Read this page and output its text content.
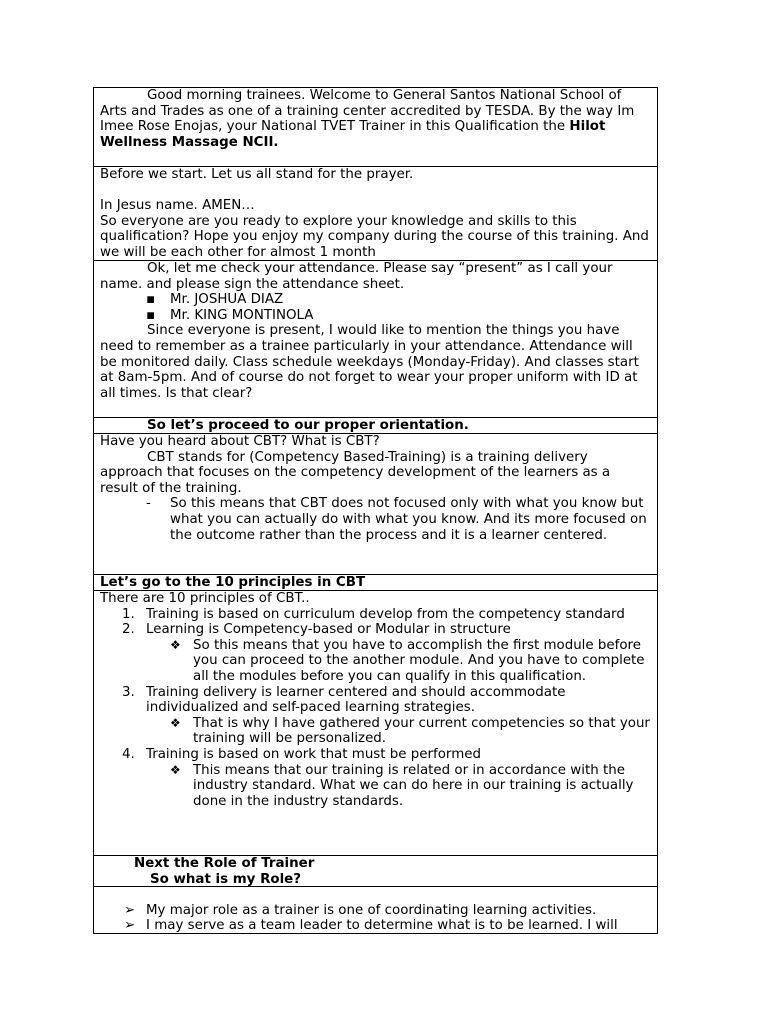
Good morning trainees. Welcome to General Santos National School of Arts and Trades as one of a training center accredited by TESDA. By the way Im Imee Rose Enojas, your National TVET Trainer in this Qualification the Hilot Wellness Massage NCII.

Before we start. Let us all stand for the prayer.

In Jesus name. AMEN…

So everyone are you ready to explore your knowledge and skills to this qualification? Hope you enjoy my company during the course of this training. And we will be each other for almost 1 month

Ok, let me check your attendance. Please say “present” as I call your name. and please sign the attendance sheet.

▪ Mr. JOSHUA DIAZ

▪ Mr. KING MONTINOLA

Since everyone is present, I would like to mention the things you have need to remember as a trainee particularly in your attendance. Attendance will be monitored daily. Class schedule weekdays (Monday-Friday). And classes start at 8am-5pm. And of course do not forget to wear your proper uniform with ID at all times. Is that clear?

So let’s proceed to our proper orientation.

Have you heard about CBT? What is CBT?

CBT stands for (Competency Based-Training) is a training delivery approach that focuses on the competency development of the learners as a result of the training.

- So this means that CBT does not focused only with what you know but what you can actually do with what you know. And its more focused on the outcome rather than the process and it is a learner centered.

Let’s go to the 10 principles in CBT

There are 10 principles of CBT..

1. Training is based on curriculum develop from the competency standard

2. Learning is Competency-based or Modular in structure

❖ So this means that you have to accomplish the first module before you can proceed to the another module. And you have to complete all the modules before you can qualify in this qualification.

3. Training delivery is learner centered and should accommodate individualized and self-paced learning strategies.

❖ That is why I have gathered your current competencies so that your training will be personalized.

4. Training is based on work that must be performed

❖ This means that our training is related or in accordance with the industry standard. What we can do here in our training is actually done in the industry standards.

Next the Role of Trainer

So what is my Role?

➢ My major role as a trainer is one of coordinating learning activities.

➢ I may serve as a team leader to determine what is to be learned. I will
